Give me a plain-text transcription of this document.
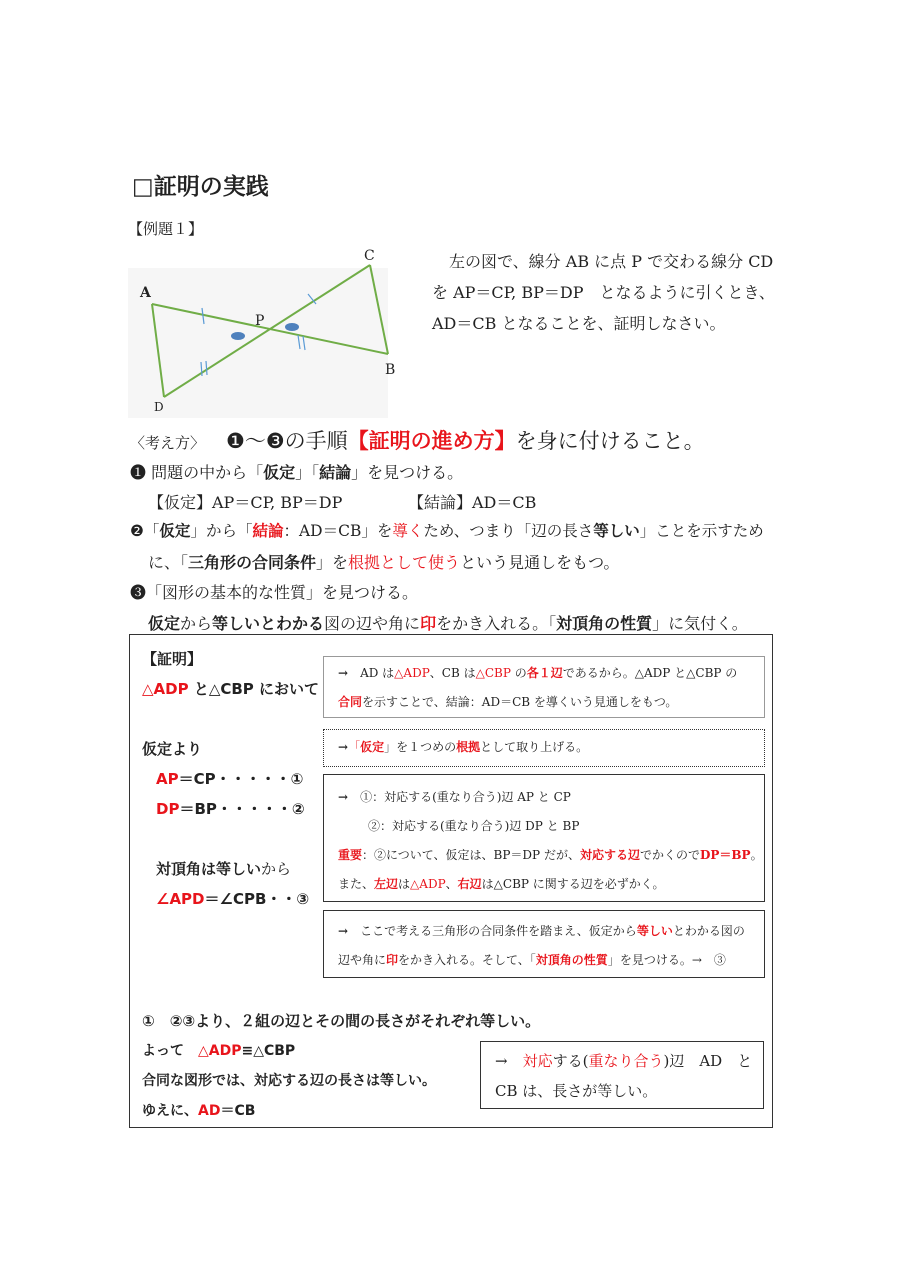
□証明の実践
【例題１】
A
C
P
B
D
左の図で、線分 AB に点 P で交わる線分 CD
を AP＝CP, BP＝DP　となるように引くとき、
AD＝CB となることを、証明しなさい。
〈考え方〉 ❶〜❸の手順【証明の進め方】を身に付けること。
❶ 問題の中から「仮定」「結論」を見つける。
【仮定】AP＝CP, BP＝DP	【結論】AD＝CB
❷「仮定」から「結論：AD＝CB」を導くため、つまり「辺の長さ等しい」ことを示すため
に、「三角形の合同条件」を根拠として使うという見通しをもつ。
❸「図形の基本的な性質」を見つける。
仮定から等しいとわかる図の辺や角に印をかき入れる。「対頂角の性質」に気付く。
【証明】
△ADP と△CBP において
仮定より
AP＝CP・・・・・①
DP＝BP・・・・・②
対頂角は等しいから
∠APD＝∠CPB・・③
①　②③より、２組の辺とその間の長さがそれぞれ等しい。
よって　△ADP≡△CBP
合同な図形では、対応する辺の長さは等しい。
ゆえに、AD＝CB
→　AD は△ADP、CB は△CBP の各１辺であるから。△ADP と△CBP の
合同を示すことで、結論：AD＝CB を導くいう見通しをもつ。
→「仮定」を１つめの根拠として取り上げる。
→　 ①：対応する(重なり合う)辺 AP と CP
②：対応する(重なり合う)辺 DP と BP
重要：②について、仮定は、BP＝DP だが、対応する辺でかくのでDP＝BP。
また、左辺は△ADP、右辺は△CBP に関する辺を必ずかく。
→　 ここで考える三角形の合同条件を踏まえ、仮定から等しいとわかる図の
辺や角に印をかき入れる。そして、「対頂角の性質」を見つける。→　③
→　 対応する(重なり合う)辺　AD　と
CB は、長さが等しい。
